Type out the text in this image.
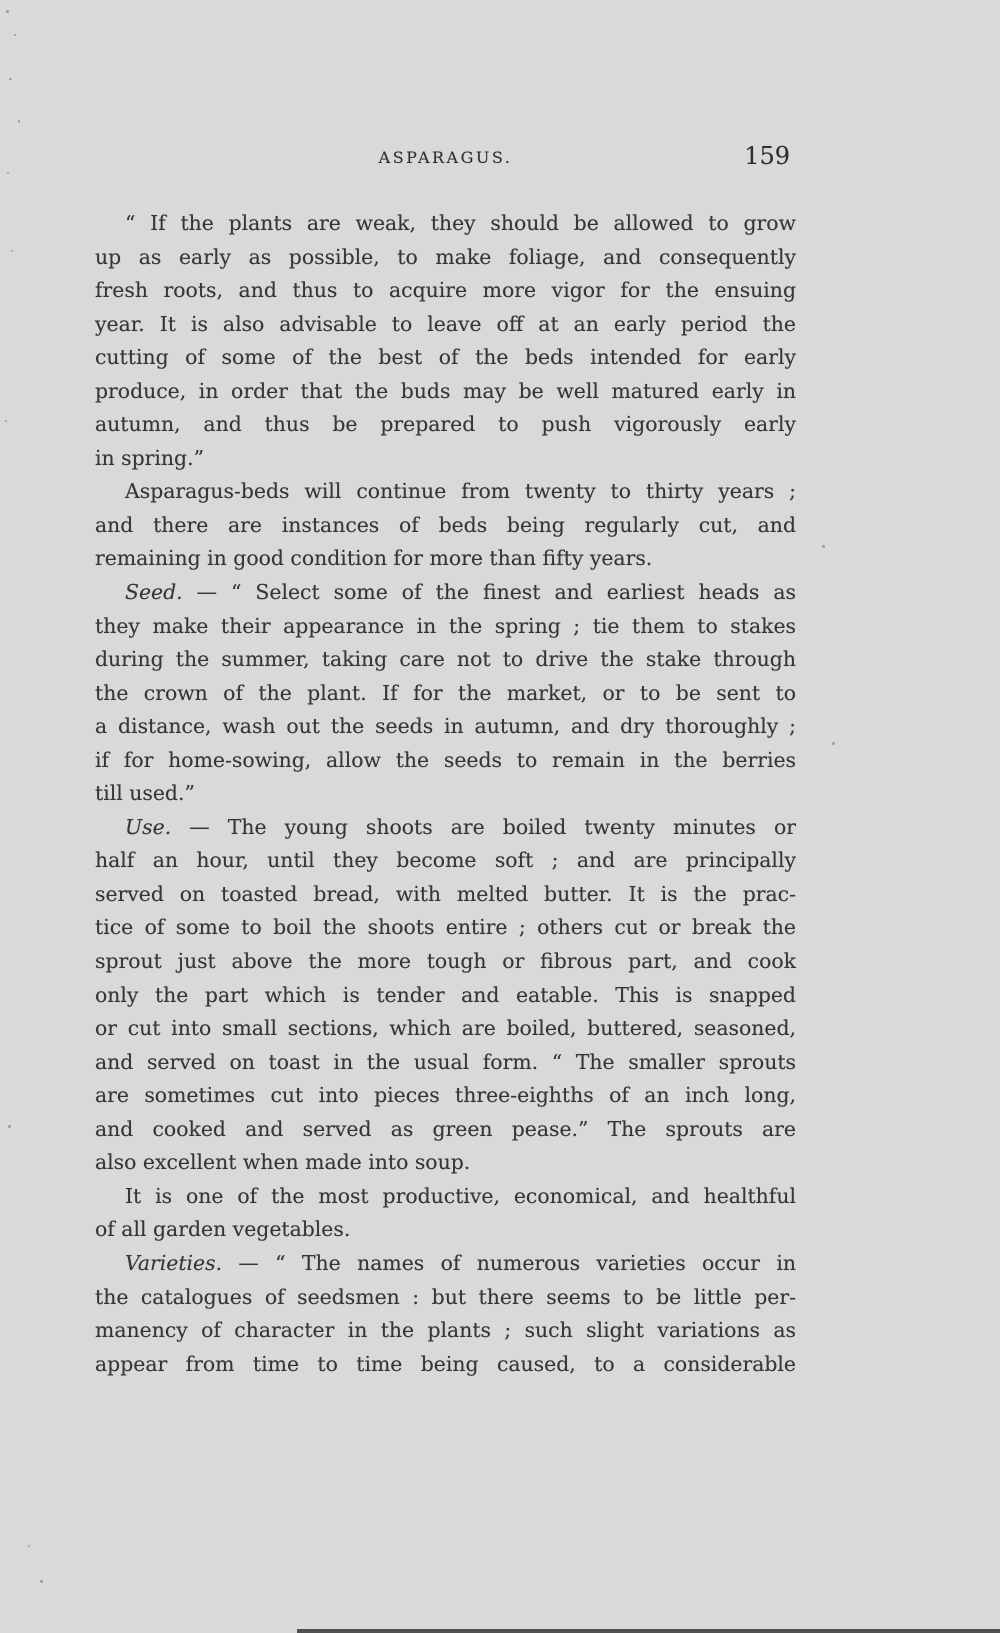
ASPARAGUS.	159
“ If the plants are weak, they should be allowed to grow
up as early as possible, to make foliage, and consequently
fresh roots, and thus to acquire more vigor for the ensuing
year. It is also advisable to leave off at an early period the
cutting of some of the best of the beds intended for early
produce, in order that the buds may be well matured early in
autumn, and thus be prepared to push vigorously early
in spring.”
Asparagus-beds will continue from twenty to thirty years ;
and there are instances of beds being regularly cut, and
remaining in good condition for more than fifty years.
Seed. — “ Select some of the finest and earliest heads as
they make their appearance in the spring ; tie them to stakes
during the summer, taking care not to drive the stake through
the crown of the plant. If for the market, or to be sent to
a distance, wash out the seeds in autumn, and dry thoroughly ;
if for home-sowing, allow the seeds to remain in the berries
till used.”
Use. — The young shoots are boiled twenty minutes or
half an hour, until they become soft ; and are principally
served on toasted bread, with melted butter. It is the prac-
tice of some to boil the shoots entire ; others cut or break the
sprout just above the more tough or fibrous part, and cook
only the part which is tender and eatable. This is snapped
or cut into small sections, which are boiled, buttered, seasoned,
and served on toast in the usual form. “ The smaller sprouts
are sometimes cut into pieces three-eighths of an inch long,
and cooked and served as green pease.” The sprouts are
also excellent when made into soup.
It is one of the most productive, economical, and healthful
of all garden vegetables.
Varieties. — “ The names of numerous varieties occur in
the catalogues of seedsmen : but there seems to be little per-
manency of character in the plants ; such slight variations as
appear from time to time being caused, to a considerable
